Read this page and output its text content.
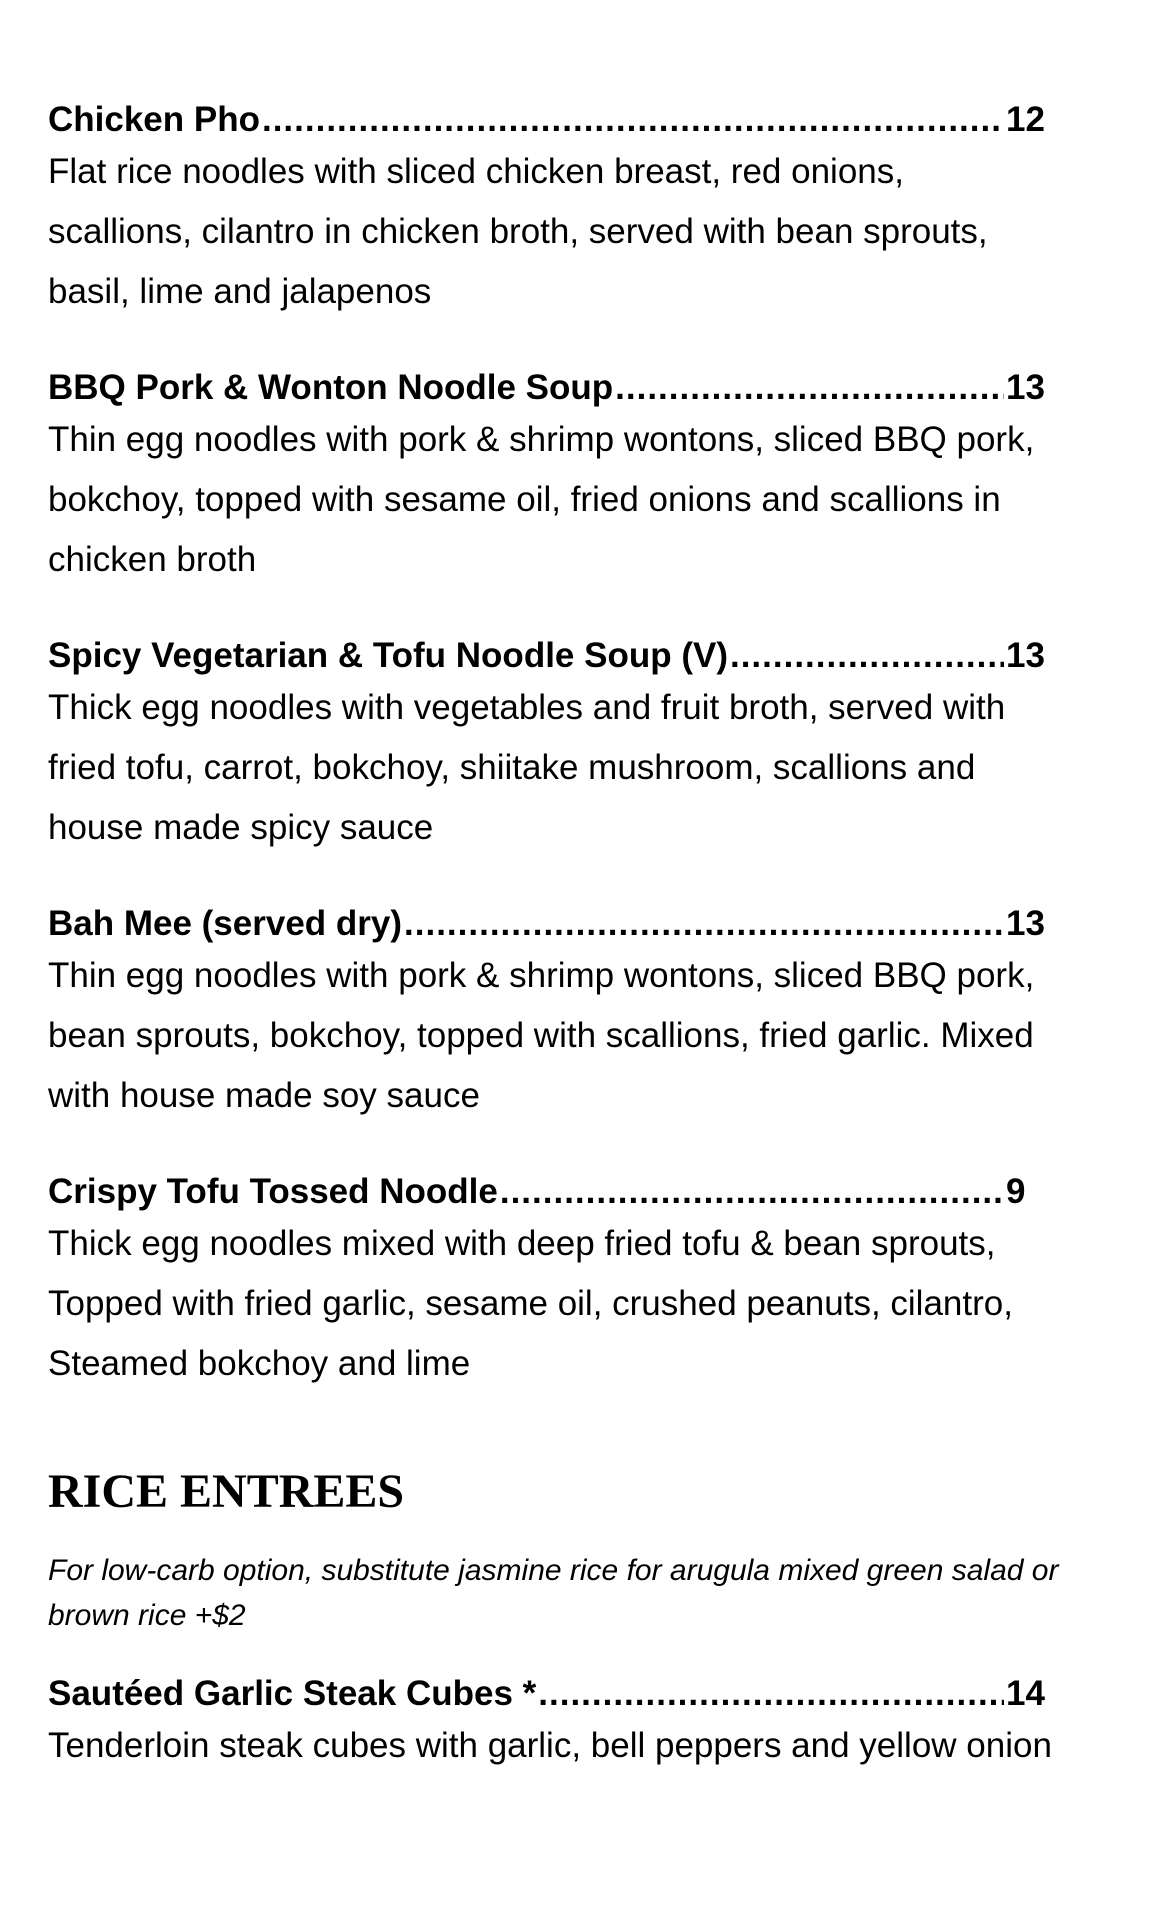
Chicken Pho .....	12

Flat rice noodles with sliced chicken breast, red onions, scallions, cilantro in chicken broth, served with bean sprouts, basil, lime and jalapenos

BBQ Pork & Wonton Noodle Soup .....	13

Thin egg noodles with pork & shrimp wontons, sliced BBQ pork, bokchoy, topped with sesame oil, fried onions and scallions in chicken broth

Spicy Vegetarian & Tofu Noodle Soup (V) .....	13

Thick egg noodles with vegetables and fruit broth, served with fried tofu, carrot, bokchoy, shiitake mushroom, scallions and house made spicy sauce

Bah Mee (served dry) .....	13

Thin egg noodles with pork & shrimp wontons, sliced BBQ pork, bean sprouts, bokchoy, topped with scallions, fried garlic. Mixed with house made soy sauce

Crispy Tofu Tossed Noodle .....	9

Thick egg noodles mixed with deep fried tofu & bean sprouts, Topped with fried garlic, sesame oil, crushed peanuts, cilantro, Steamed bokchoy and lime

RICE ENTREES

For low-carb option, substitute jasmine rice for arugula mixed green salad or brown rice +$2

Sautéed Garlic Steak Cubes * .....	14

Tenderloin steak cubes with garlic, bell peppers and yellow onion
